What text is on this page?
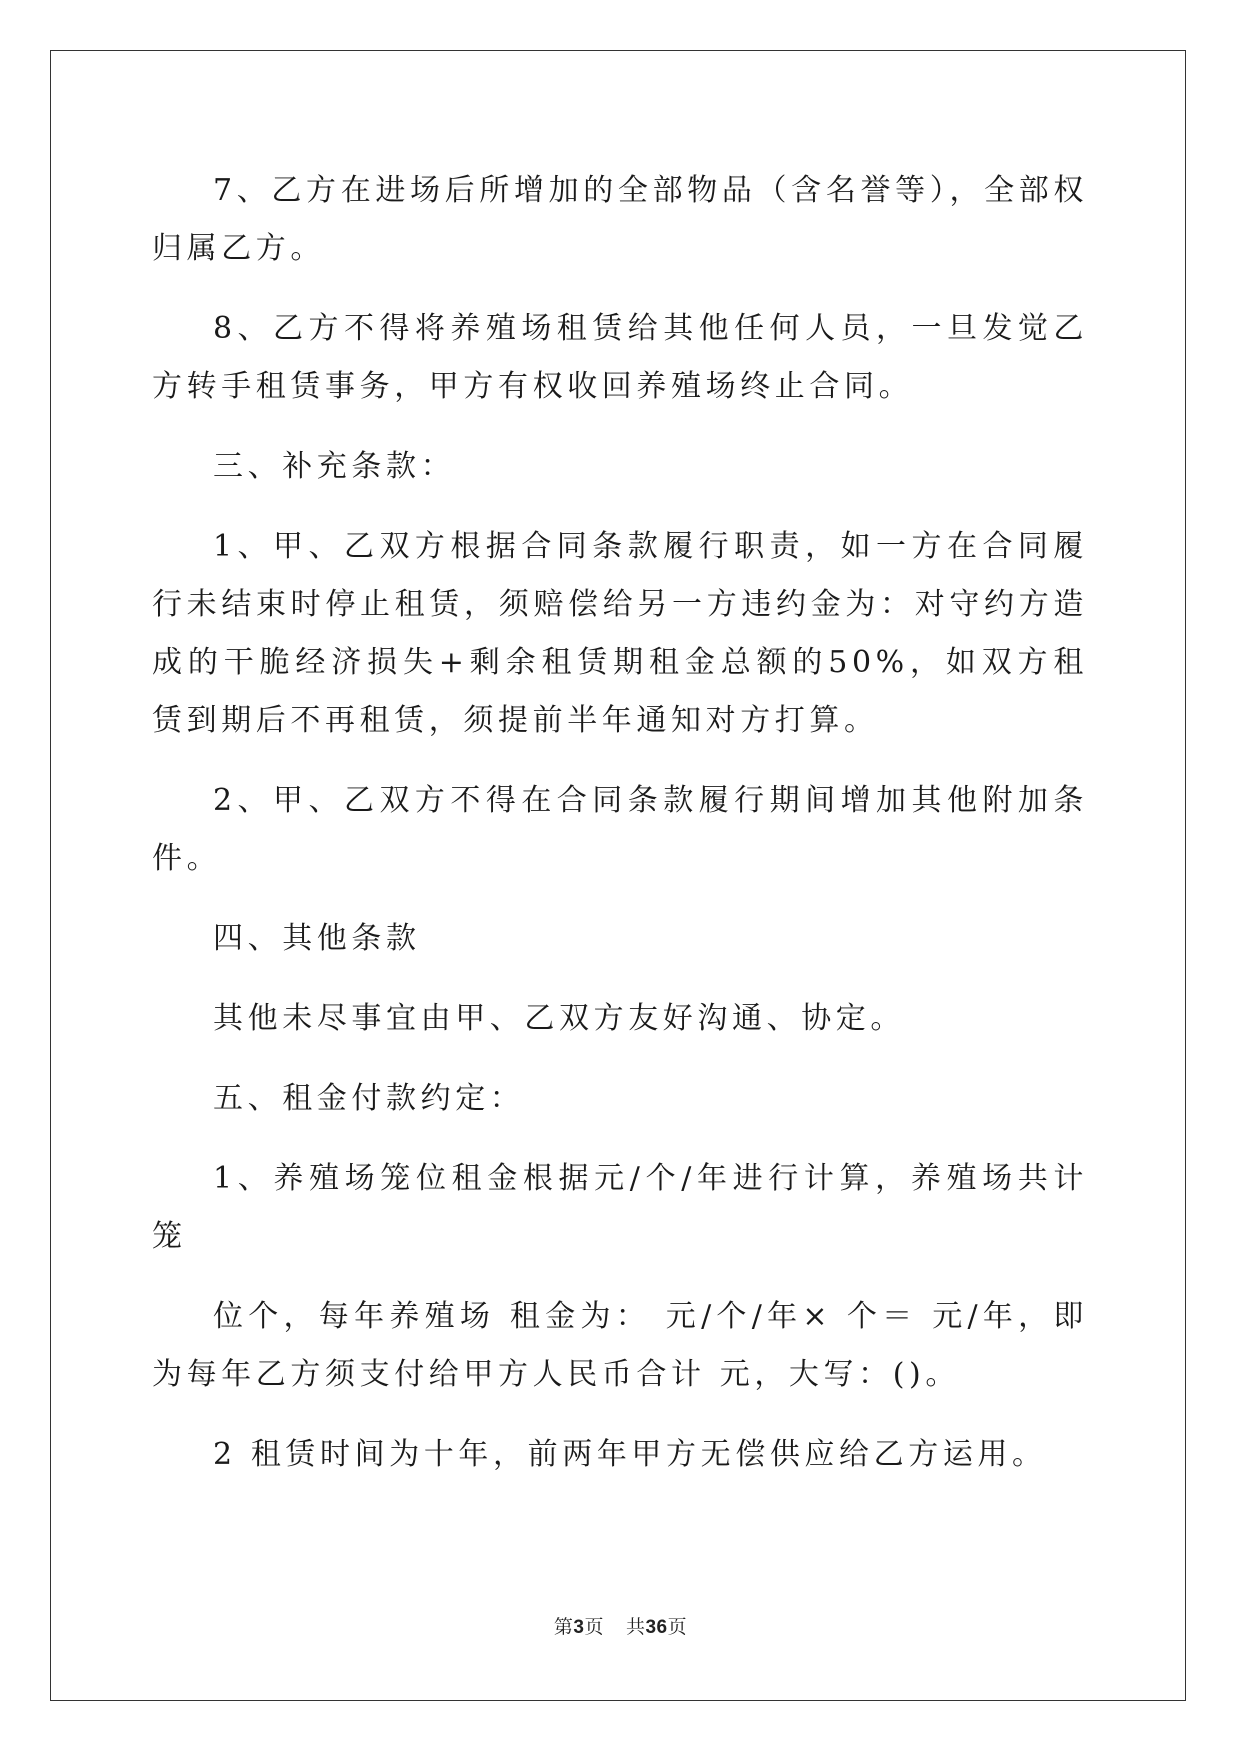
7、乙方在进场后所增加的全部物品（含名誉等），全部权归属乙方。

8、乙方不得将养殖场租赁给其他任何人员，一旦发觉乙方转手租赁事务，甲方有权收回养殖场终止合同。

三、补充条款：

1、甲、乙双方根据合同条款履行职责，如一方在合同履行未结束时停止租赁，须赔偿给另一方违约金为：对守约方造成的干脆经济损失+剩余租赁期租金总额的50%，如双方租赁到期后不再租赁，须提前半年通知对方打算。

2、甲、乙双方不得在合同条款履行期间增加其他附加条件。

四、其他条款

其他未尽事宜由甲、乙双方友好沟通、协定。

五、租金付款约定：

1、养殖场笼位租金根据元/个/年进行计算，养殖场共计笼

位个，每年养殖场 租金为： 元/个/年× 个＝ 元/年，即为每年乙方须支付给甲方人民币合计 元，大写：()。

2 租赁时间为十年，前两年甲方无偿供应给乙方运用。

第3页 共36页
